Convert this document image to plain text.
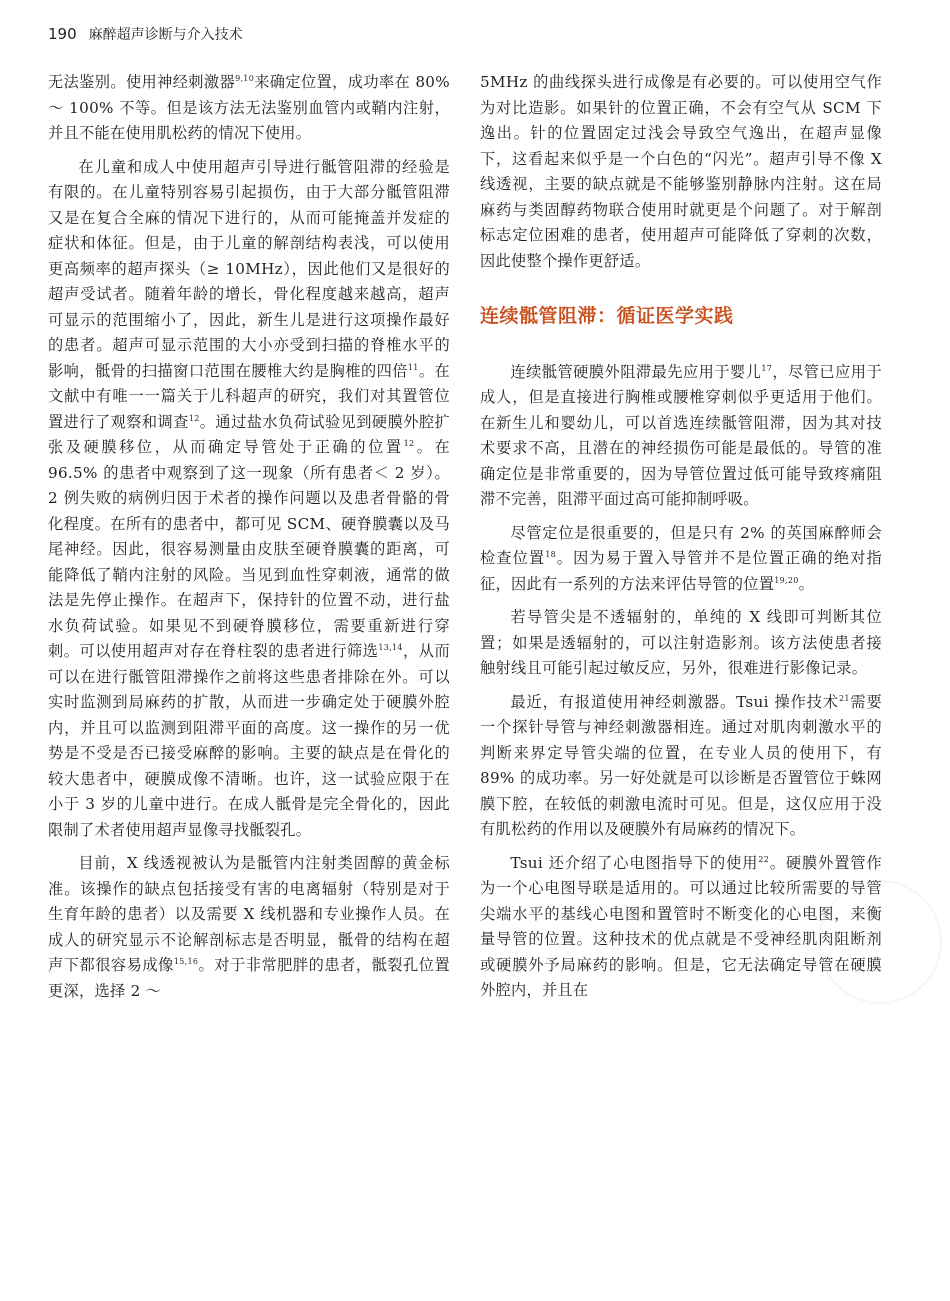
190 麻醉超声诊断与介入技术

无法鉴别。使用神经刺激器$^{9,10}$来确定位置，成功率在 80% ～ 100% 不等。但是该方法无法鉴别血管内或鞘内注射，并且不能在使用肌松药的情况下使用。

在儿童和成人中使用超声引导进行骶管阻滞的经验是有限的。在儿童特别容易引起损伤，由于大部分骶管阻滞又是在复合全麻的情况下进行的，从而可能掩盖并发症的症状和体征。但是，由于儿童的解剖结构表浅，可以使用更高频率的超声探头（≥ 10MHz），因此他们又是很好的超声受试者。随着年龄的增长，骨化程度越来越高，超声可显示的范围缩小了，因此，新生儿是进行这项操作最好的患者。超声可显示范围的大小亦受到扫描的脊椎水平的影响，骶骨的扫描窗口范围在腰椎大约是胸椎的四倍$^{11}$。在文献中有唯一一篇关于儿科超声的研究，我们对其置管位置进行了观察和调查$^{12}$。通过盐水负荷试验见到硬膜外腔扩张及硬膜移位，从而确定导管处于正确的位置$^{12}$。在 96.5% 的患者中观察到了这一现象（所有患者＜ 2 岁）。2 例失败的病例归因于术者的操作问题以及患者骨骼的骨化程度。在所有的患者中，都可见 SCM、硬脊膜囊以及马尾神经。因此，很容易测量由皮肤至硬脊膜囊的距离，可能降低了鞘内注射的风险。当见到血性穿刺液，通常的做法是先停止操作。在超声下，保持针的位置不动，进行盐水负荷试验。如果见不到硬脊膜移位，需要重新进行穿刺。可以使用超声对存在脊柱裂的患者进行筛选$^{13,14}$，从而可以在进行骶管阻滞操作之前将这些患者排除在外。可以实时监测到局麻药的扩散，从而进一步确定处于硬膜外腔内，并且可以监测到阻滞平面的高度。这一操作的另一优势是不受是否已接受麻醉的影响。主要的缺点是在骨化的较大患者中，硬膜成像不清晰。也许，这一试验应限于在小于 3 岁的儿童中进行。在成人骶骨是完全骨化的，因此限制了术者使用超声显像寻找骶裂孔。

目前，X 线透视被认为是骶管内注射类固醇的黄金标准。该操作的缺点包括接受有害的电离辐射（特别是对于生育年龄的患者）以及需要 X 线机器和专业操作人员。在成人的研究显示不论解剖标志是否明显，骶骨的结构在超声下都很容易成像$^{15,16}$。对于非常肥胖的患者，骶裂孔位置更深，选择 2 ～

5MHz 的曲线探头进行成像是有必要的。可以使用空气作为对比造影。如果针的位置正确，不会有空气从 SCM 下逸出。针的位置固定过浅会导致空气逸出，在超声显像下，这看起来似乎是一个白色的“闪光”。超声引导不像 X 线透视，主要的缺点就是不能够鉴别静脉内注射。这在局麻药与类固醇药物联合使用时就更是个问题了。对于解剖标志定位困难的患者，使用超声可能降低了穿刺的次数，因此使整个操作更舒适。

连续骶管阻滞：循证医学实践

连续骶管硬膜外阻滞最先应用于婴儿$^{17}$，尽管已应用于成人，但是直接进行胸椎或腰椎穿刺似乎更适用于他们。在新生儿和婴幼儿，可以首选连续骶管阻滞，因为其对技术要求不高，且潜在的神经损伤可能是最低的。导管的准确定位是非常重要的，因为导管位置过低可能导致疼痛阻滞不完善，阻滞平面过高可能抑制呼吸。

尽管定位是很重要的，但是只有 2% 的英国麻醉师会检查位置$^{18}$。因为易于置入导管并不是位置正确的绝对指征，因此有一系列的方法来评估导管的位置$^{19,20}$。

若导管尖是不透辐射的，单纯的 X 线即可判断其位置；如果是透辐射的，可以注射造影剂。该方法使患者接触射线且可能引起过敏反应，另外，很难进行影像记录。

最近，有报道使用神经刺激器。Tsui 操作技术$^{21}$需要一个探针导管与神经刺激器相连。通过对肌肉刺激水平的判断来界定导管尖端的位置，在专业人员的使用下，有 89% 的成功率。另一好处就是可以诊断是否置管位于蛛网膜下腔，在较低的刺激电流时可见。但是，这仅应用于没有肌松药的作用以及硬膜外有局麻药的情况下。

Tsui 还介绍了心电图指导下的使用$^{22}$。硬膜外置管作为一个心电图导联是适用的。可以通过比较所需要的导管尖端水平的基线心电图和置管时不断变化的心电图，来衡量导管的位置。这种技术的优点就是不受神经肌肉阻断剂或硬膜外予局麻药的影响。但是，它无法确定导管在硬膜外腔内，并且在
